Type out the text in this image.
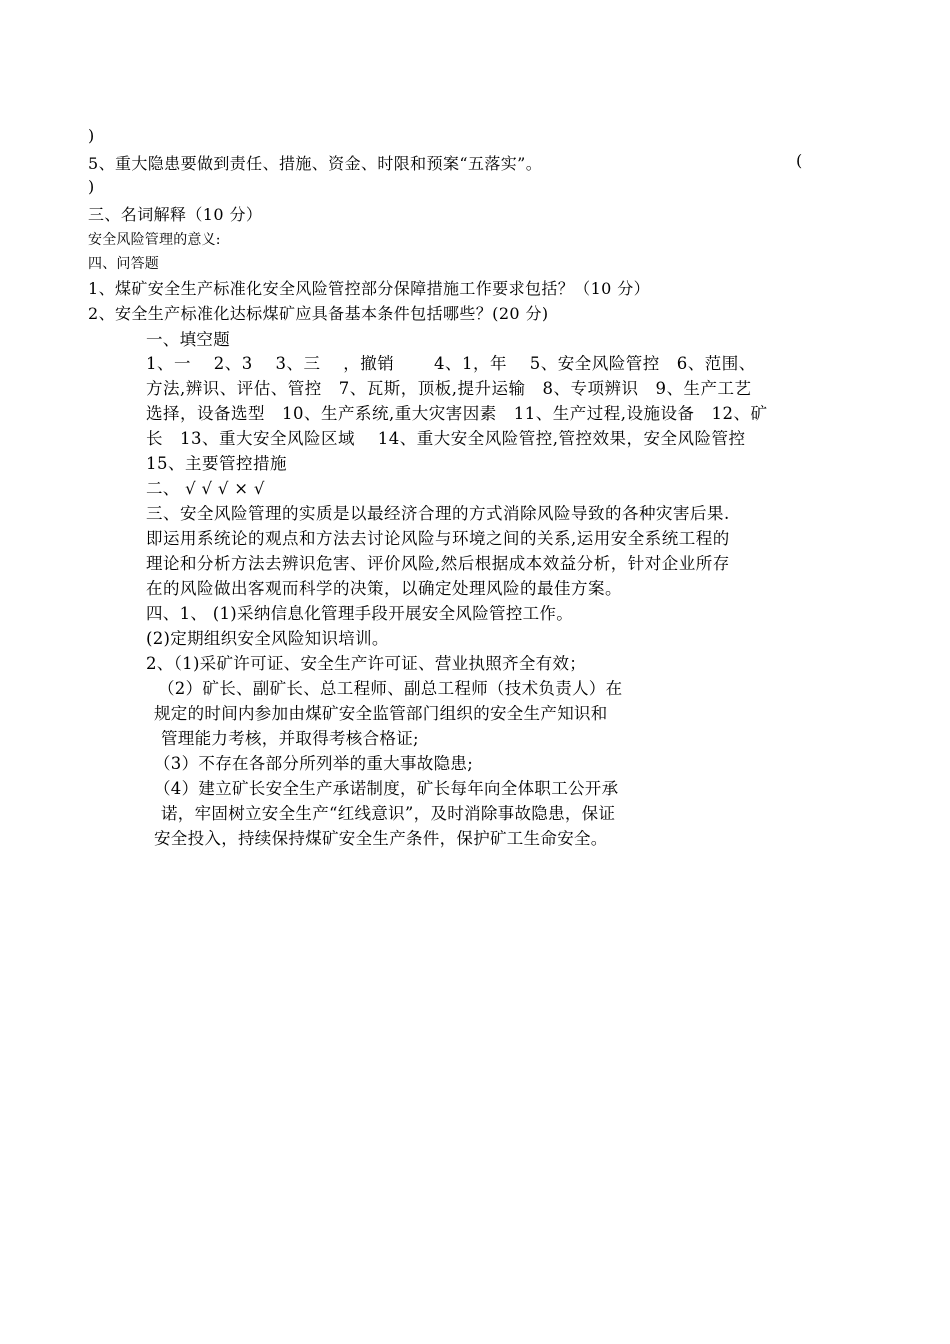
)
5、重大隐患要做到责任、措施、资金、时限和预案“五落实”。	(
)
三、名词解释（10 分）
安全风险管理的意义:
四、问答题
1、煤矿安全生产标准化安全风险管控部分保障措施工作要求包括？（10 分）
2、安全生产标准化达标煤矿应具备基本条件包括哪些？(20 分)
一、填空题
1、一　 2、3 　3、三 　，撤销 　　4、1，年 　5、安全风险管控　6、范围、
方法,辨识、评估、管控　7、瓦斯，顶板,提升运输　8、专项辨识　9、生产工艺
选择，设备选型　10、生产系统,重大灾害因素　11、生产过程,设施设备　12、矿
长　13、重大安全风险区域　 14、重大安全风险管控,管控效果，安全风险管控
15、主要管控措施
二、 √ √ √ × √
三、安全风险管理的实质是以最经济合理的方式消除风险导致的各种灾害后果.
即运用系统论的观点和方法去讨论风险与环境之间的关系,运用安全系统工程的
理论和分析方法去辨识危害、评价风险,然后根据成本效益分析，针对企业所存
在的风险做出客观而科学的决策，以确定处理风险的最佳方案。
四、1、 (1)采纳信息化管理手段开展安全风险管控工作。
(2)定期组织安全风险知识培训。
2、（1)采矿许可证、安全生产许可证、营业执照齐全有效；
（2）矿长、副矿长、总工程师、副总工程师（技术负责人）在
规定的时间内参加由煤矿安全监管部门组织的安全生产知识和
管理能力考核，并取得考核合格证;
（3）不存在各部分所列举的重大事故隐患;
（4）建立矿长安全生产承诺制度，矿长每年向全体职工公开承
诺，牢固树立安全生产“红线意识”，及时消除事故隐患，保证
安全投入，持续保持煤矿安全生产条件，保护矿工生命安全。
